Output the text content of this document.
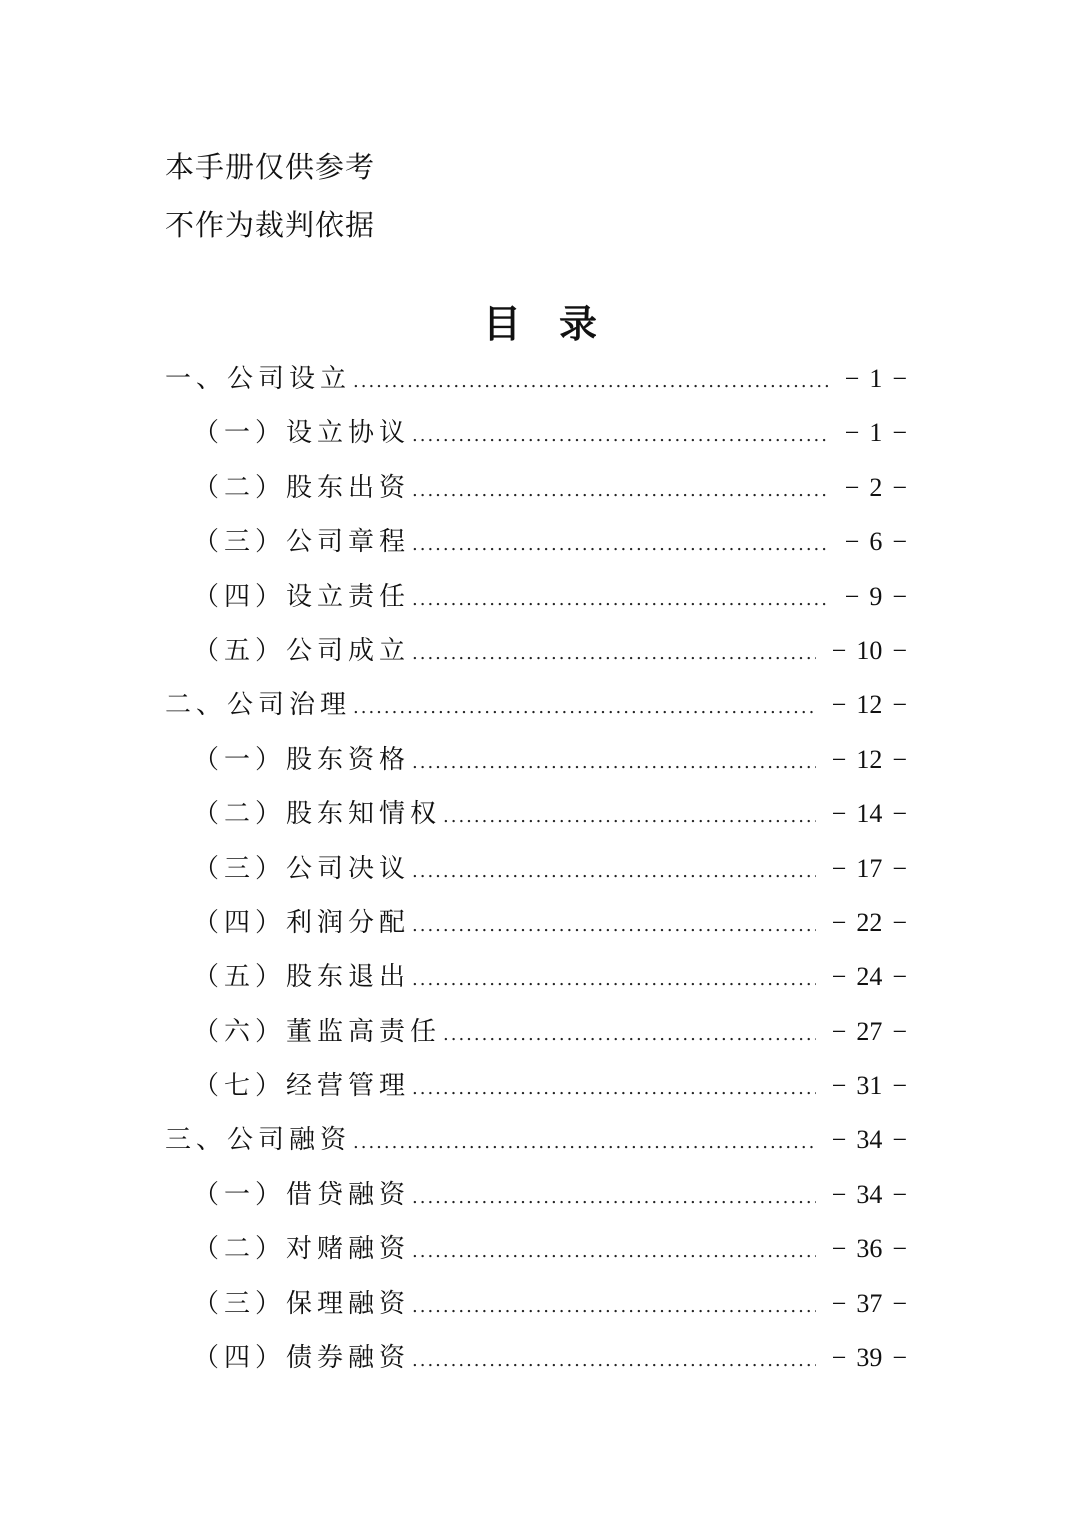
本手册仅供参考
不作为裁判依据
目录
一、公司设立 .....	− 1 −
（一）设立协议 .....	− 1 −
（二）股东出资 .....	− 2 −
（三）公司章程 .....	− 6 −
（四）设立责任 .....	− 9 −
（五）公司成立 .....	− 10 −
二、公司治理 .....	− 12 −
（一）股东资格 .....	− 12 −
（二）股东知情权 .....	− 14 −
（三）公司决议 .....	− 17 −
（四）利润分配 .....	− 22 −
（五）股东退出 .....	− 24 −
（六）董监高责任 .....	− 27 −
（七）经营管理 .....	− 31 −
三、公司融资 .....	− 34 −
（一）借贷融资 .....	− 34 −
（二）对赌融资 .....	− 36 −
（三）保理融资 .....	− 37 −
（四）债券融资 .....	− 39 −
